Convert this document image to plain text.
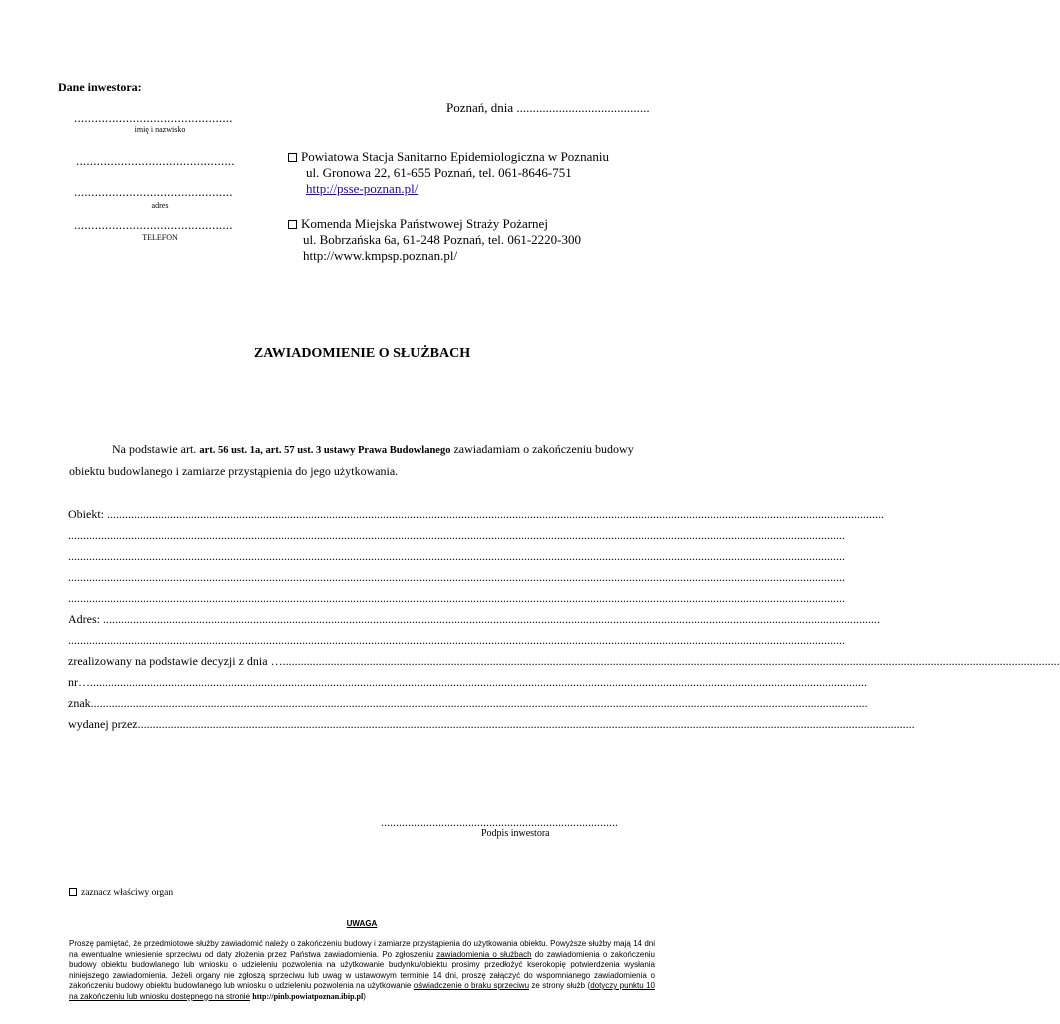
Dane inwestora:
..............................................
imię i nazwisko
..............................................
..............................................
adres
..............................................
TELEFON
Poznań, dnia .........................................
Powiatowa Stacja Sanitarno Epidemiologiczna w Poznaniu
ul. Gronowa 22, 61-655 Poznań, tel. 061-8646-751
http://psse-poznan.pl/
Komenda Miejska Państwowej Straży Pożarnej
ul. Bobrzańska 6a, 61-248 Poznań, tel. 061-2220-300
http://www.kmpsp.poznan.pl/
ZAWIADOMIENIE O SŁUŻBACH
Na podstawie art. art. 56 ust. 1a, art. 57 ust. 3 ustawy Prawa Budowlanego zawiadamiam o zakończeniu budowy
obiektu budowlanego i zamiarze przystąpienia do jego użytkowania.
Obiekt: ...................................................................................................................................................................................................................................................................
...................................................................................................................................................................................................................................................................
...................................................................................................................................................................................................................................................................
...................................................................................................................................................................................................................................................................
...................................................................................................................................................................................................................................................................
Adres: ...................................................................................................................................................................................................................................................................
...................................................................................................................................................................................................................................................................
zrealizowany na podstawie decyzji z dnia …...................................................................................................................................................................................................................................................................
nr…...................................................................................................................................................................................................................................................................
znak...................................................................................................................................................................................................................................................................
wydanej przez...................................................................................................................................................................................................................................................................
...............................................................................
Podpis inwestora
zaznacz właściwy organ
UWAGA
Proszę pamiętać, że przedmiotowe służby zawiadomić należy o zakończeniu budowy i zamiarze przystąpienia do użytkowania obiektu. Powyższe służby mają 14 dni na ewentualne wniesienie sprzeciwu od daty złożenia przez Państwa zawiadomienia. Po zgłoszeniu zawiadomienia o służbach do zawiadomienia o zakończeniu budowy obiektu budowlanego lub wniosku o udzieleniu pozwolenia na użytkowanie budynku/obiektu prosimy przedłożyć kserokopię potwierdzenia wysłania niniejszego zawiadomienia. Jeżeli organy nie zgłoszą sprzeciwu lub uwag w ustawowym terminie 14 dni, proszę załączyć do wspomnianego zawiadomienia o zakończeniu budowy obiektu budowlanego lub wniosku o udzieleniu pozwolenia na użytkowanie oświadczenie o braku sprzeciwu ze strony służb (dotyczy punktu 10 na zakończeniu lub wniosku dostępnego na stronie http://pinb.powiatpoznan.ibip.pl)
